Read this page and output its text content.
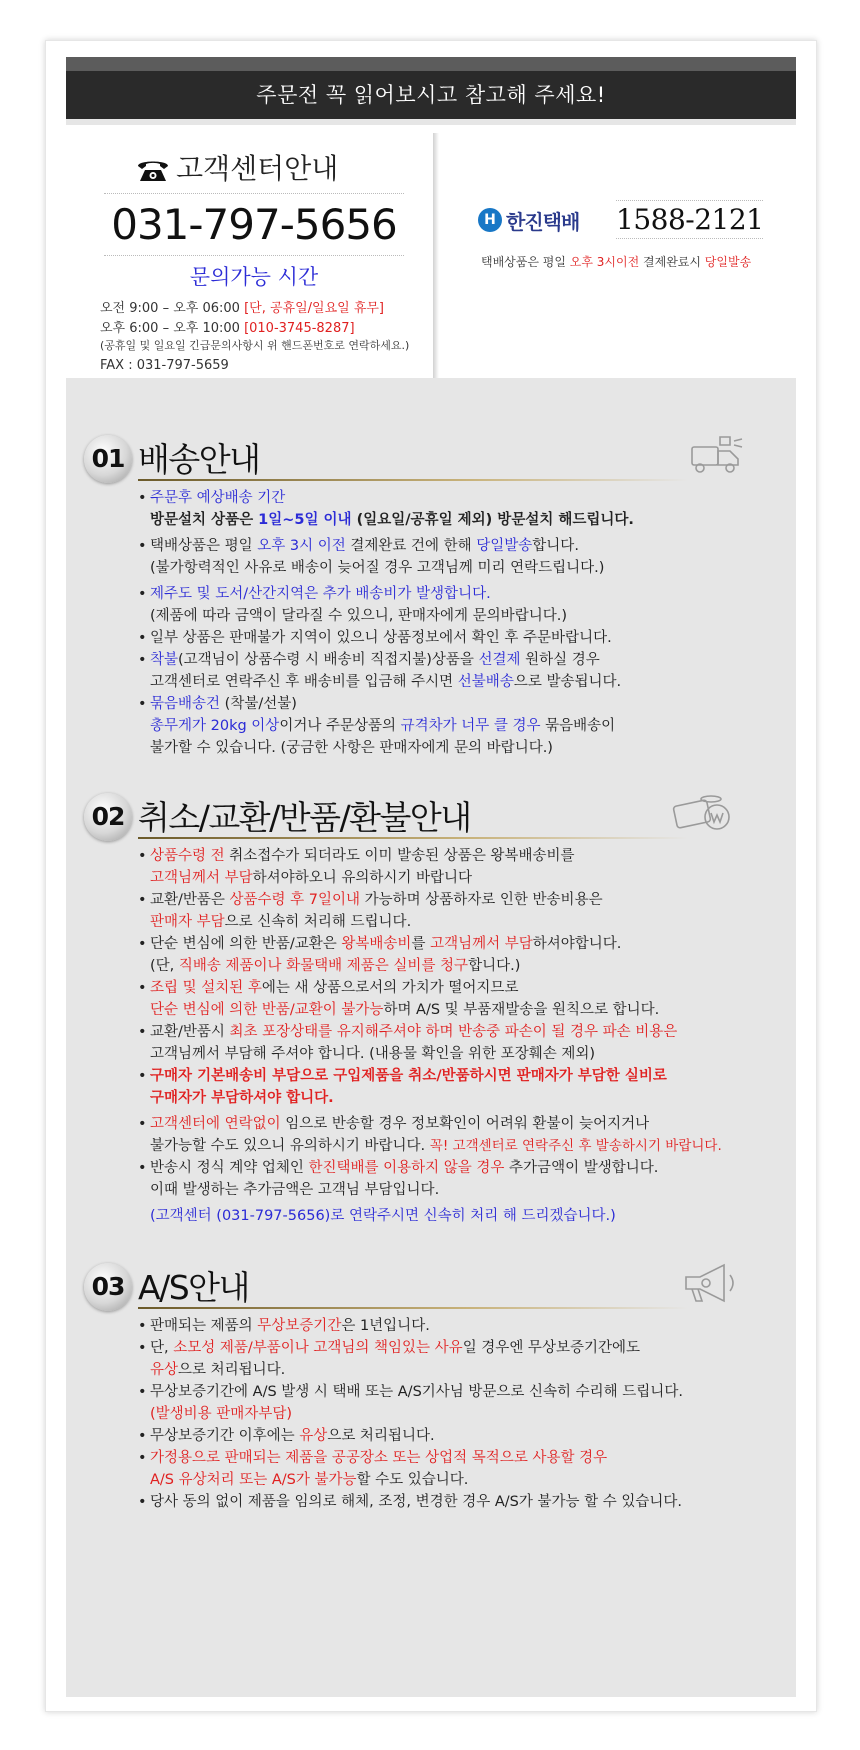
주문전 꼭 읽어보시고 참고해 주세요!
고객센터안내
031-797-5656
문의가능 시간
오전 9:00 – 오후 06:00 [단, 공휴일/일요일 휴무]
오후 6:00 – 오후 10:00 [010-3745-8287]
(공휴일 및 일요일 긴급문의사항시 위 핸드폰번호로 연락하세요.)
FAX : 031-797-5659
H 한진택배 1588-2121
택배상품은 평일 오후 3시이전 결제완료시 당일발송
01 배송안내
• 주문후 예상배송 기간
방문설치 상품은 1일~5일 이내 (일요일/공휴일 제외) 방문설치 해드립니다.
• 택배상품은 평일 오후 3시 이전 결제완료 건에 한해 당일발송합니다.
(불가항력적인 사유로 배송이 늦어질 경우 고객님께 미리 연락드립니다.)
• 제주도 및 도서/산간지역은 추가 배송비가 발생합니다.
(제품에 따라 금액이 달라질 수 있으니, 판매자에게 문의바랍니다.)
• 일부 상품은 판매불가 지역이 있으니 상품정보에서 확인 후 주문바랍니다.
• 착불(고객님이 상품수령 시 배송비 직접지불)상품을 선결제 원하실 경우
고객센터로 연락주신 후 배송비를 입금해 주시면 선불배송으로 발송됩니다.
• 묶음배송건 (착불/선불)
총무게가 20kg 이상이거나 주문상품의 규격차가 너무 클 경우 묶음배송이
불가할 수 있습니다. (궁금한 사항은 판매자에게 문의 바랍니다.)
02 취소/교환/반품/환불안내
• 상품수령 전 취소접수가 되더라도 이미 발송된 상품은 왕복배송비를
고객님께서 부담하셔야하오니 유의하시기 바랍니다
• 교환/반품은 상품수령 후 7일이내 가능하며 상품하자로 인한 반송비용은
판매자 부담으로 신속히 처리해 드립니다.
• 단순 변심에 의한 반품/교환은 왕복배송비를 고객님께서 부담하셔야합니다.
(단, 직배송 제품이나 화물택배 제품은 실비를 청구합니다.)
• 조립 및 설치된 후에는 새 상품으로서의 가치가 떨어지므로
단순 변심에 의한 반품/교환이 불가능하며 A/S 및 부품재발송을 원칙으로 합니다.
• 교환/반품시 최초 포장상태를 유지해주셔야 하며 반송중 파손이 될 경우 파손 비용은
고객님께서 부담해 주셔야 합니다. (내용물 확인을 위한 포장훼손 제외)
• 구매자 기본배송비 부담으로 구입제품을 취소/반품하시면 판매자가 부담한 실비로
구매자가 부담하셔야 합니다.
• 고객센터에 연락없이 임으로 반송할 경우 정보확인이 어려워 환불이 늦어지거나
불가능할 수도 있으니 유의하시기 바랍니다. 꼭! 고객센터로 연락주신 후 발송하시기 바랍니다.
• 반송시 정식 계약 업체인 한진택배를 이용하지 않을 경우 추가금액이 발생합니다.
이때 발생하는 추가금액은 고객님 부담입니다.
(고객센터 (031-797-5656)로 연락주시면 신속히 처리 해 드리겠습니다.)
03 A/S안내
• 판매되는 제품의 무상보증기간은 1년입니다.
• 단, 소모성 제품/부품이나 고객님의 책임있는 사유일 경우엔 무상보증기간에도
유상으로 처리됩니다.
• 무상보증기간에 A/S 발생 시 택배 또는 A/S기사님 방문으로 신속히 수리해 드립니다.
(발생비용 판매자부담)
• 무상보증기간 이후에는 유상으로 처리됩니다.
• 가정용으로 판매되는 제품을 공공장소 또는 상업적 목적으로 사용할 경우
A/S 유상처리 또는 A/S가 불가능할 수도 있습니다.
• 당사 동의 없이 제품을 임의로 해체, 조정, 변경한 경우 A/S가 불가능 할 수 있습니다.
